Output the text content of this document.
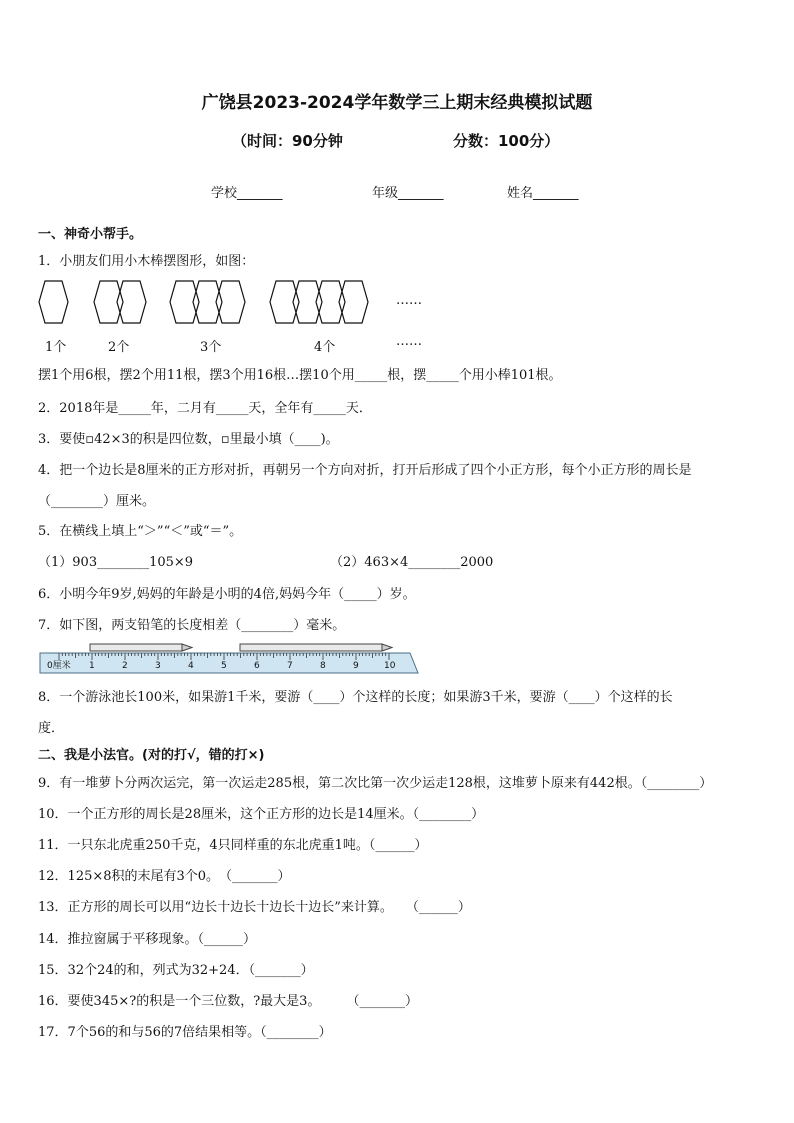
广饶县2023-2024学年数学三上期末经典模拟试题
（时间：90分钟	分数：100分）
学校_______	年级_______	姓名_______
一、神奇小帮手。
1．小朋友们用小木棒摆图形，如图：
……
1个	2个	3个	4个	……
摆1个用6根，摆2个用11根，摆3个用16根…摆10个用_____根，摆_____个用小棒101根。
2．2018年是_____年，二月有_____天，全年有_____天．
3．要使▫42×3的积是四位数，▫里最小填（____)。
4．把一个边长是8厘米的正方形对折，再朝另一个方向对折，打开后形成了四个小正方形，每个小正方形的周长是
（________）厘米。
5．在横线上填上“＞”“＜”或“＝”。
（1）903________105×9	（2）463×4________2000
6．小明今年9岁,妈妈的年龄是小明的4倍,妈妈今年（_____）岁。
7．如下图，两支铅笔的长度相差（________）毫米。
0厘米 1	2	3	4	5	6	7	8	9	10
8．一个游泳池长100米，如果游1千米，要游（____）个这样的长度；如果游3千米，要游（____）个这样的长
度．
二、我是小法官。(对的打√，错的打×)
9．有一堆萝卜分两次运完，第一次运走285根，第二次比第一次少运走128根，这堆萝卜原来有442根。（________）
10．一个正方形的周长是28厘米，这个正方形的边长是14厘米。（________）
11．一只东北虎重250千克，4只同样重的东北虎重1吨。（______）
12．125×8积的末尾有3个0。　（_______）
13．正方形的周长可以用“边长十边长十边长十边长”来计算。　　（______）
14．推拉窗属于平移现象。（______）
15．32个24的和，列式为32+24．（_______）
16．要使345×?的积是一个三位数，?最大是3。　　　（_______）
17．7个56的和与56的7倍结果相等。（________）
